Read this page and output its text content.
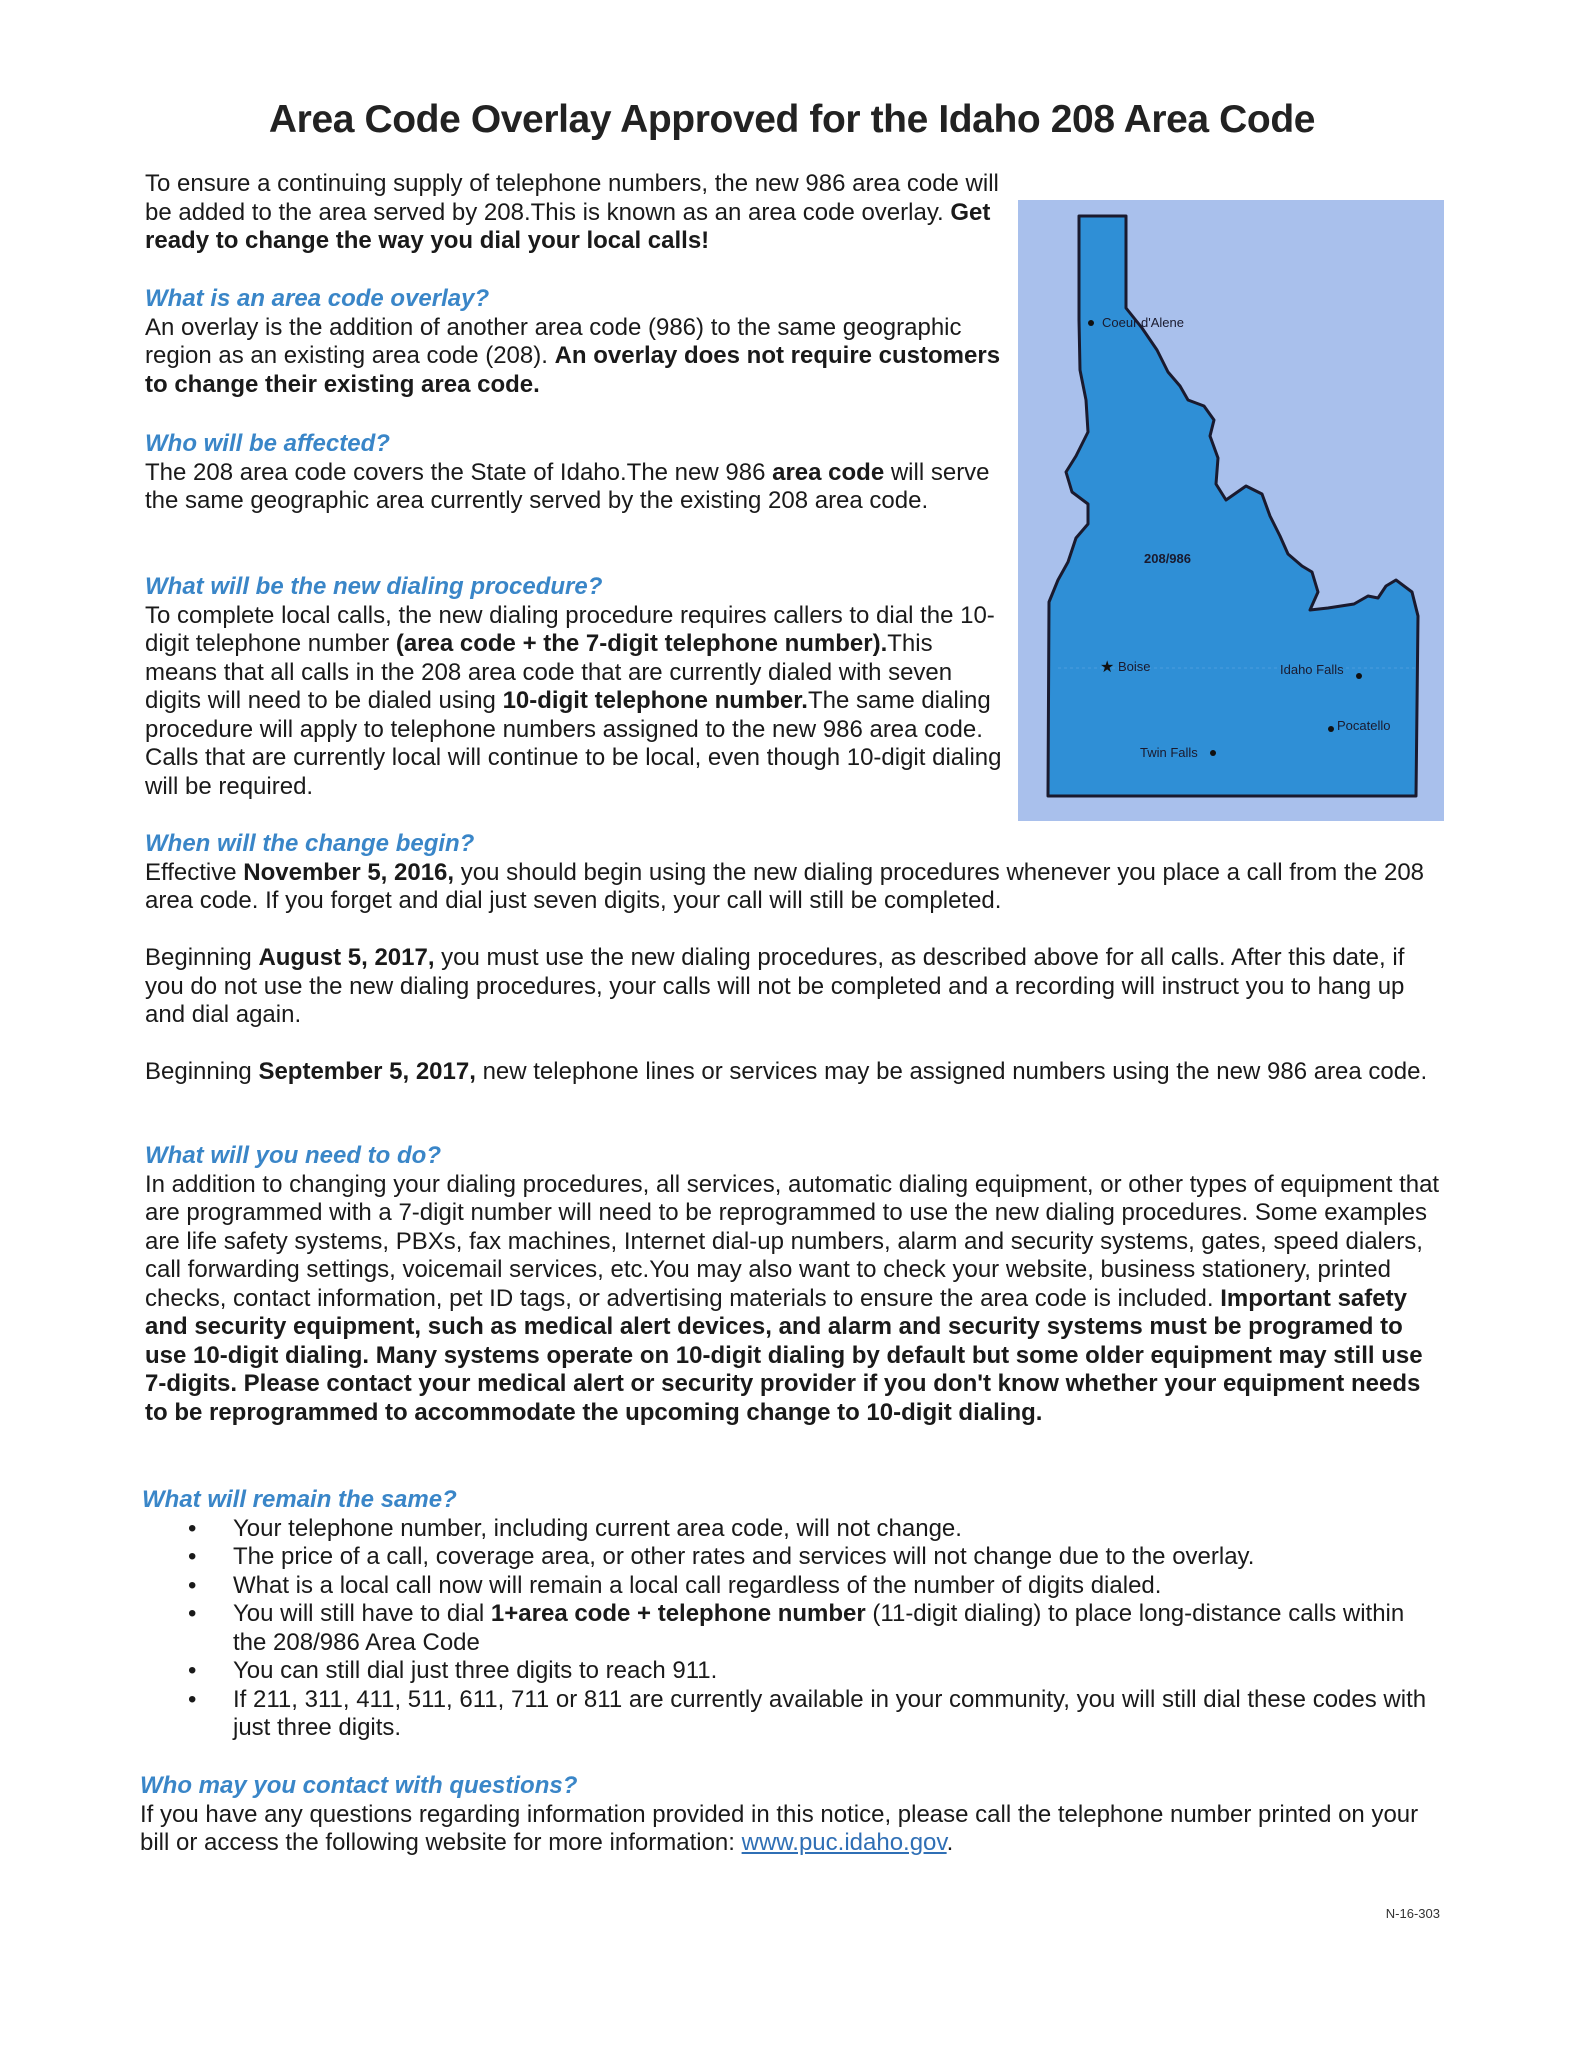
Area Code Overlay Approved for the Idaho 208 Area Code
To ensure a continuing supply of telephone numbers, the new 986 area code will be added to the area served by 208.This is known as an area code overlay. Get ready to change the way you dial your local calls!
What is an area code overlay?
An overlay is the addition of another area code (986) to the same geographic region as an existing area code (208). An overlay does not require customers to change their existing area code.
Who will be affected?
The 208 area code covers the State of Idaho.The new 986 area code will serve the same geographic area currently served by the existing 208 area code.
What will be the new dialing procedure?
To complete local calls, the new dialing procedure requires callers to dial the 10-digit telephone number (area code + the 7-digit telephone number).This means that all calls in the 208 area code that are currently dialed with seven digits will need to be dialed using 10-digit telephone number.The same dialing procedure will apply to telephone numbers assigned to the new 986 area code. Calls that are currently local will continue to be local, even though 10-digit dialing will be required.
Coeur d'Alene
208/986
★ Boise	Idaho Falls
Pocatello
Twin Falls
When will the change begin?
Effective November 5, 2016, you should begin using the new dialing procedures whenever you place a call from the 208 area code. If you forget and dial just seven digits, your call will still be completed.
Beginning August 5, 2017, you must use the new dialing procedures, as described above for all calls. After this date, if you do not use the new dialing procedures, your calls will not be completed and a recording will instruct you to hang up and dial again.
Beginning September 5, 2017, new telephone lines or services may be assigned numbers using the new 986 area code.
What will you need to do?
In addition to changing your dialing procedures, all services, automatic dialing equipment, or other types of equipment that are programmed with a 7-digit number will need to be reprogrammed to use the new dialing procedures. Some examples are life safety systems, PBXs, fax machines, Internet dial-up numbers, alarm and security systems, gates, speed dialers, call forwarding settings, voicemail services, etc.You may also want to check your website, business stationery, printed checks, contact information, pet ID tags, or advertising materials to ensure the area code is included. Important safety and security equipment, such as medical alert devices, and alarm and security systems must be programed to use 10-digit dialing. Many systems operate on 10-digit dialing by default but some older equipment may still use 7-digits. Please contact your medical alert or security provider if you don't know whether your equipment needs to be reprogrammed to accommodate the upcoming change to 10-digit dialing.
What will remain the same?
• Your telephone number, including current area code, will not change.
• The price of a call, coverage area, or other rates and services will not change due to the overlay.
• What is a local call now will remain a local call regardless of the number of digits dialed.
• You will still have to dial 1+area code + telephone number (11-digit dialing) to place long-distance calls within the 208/986 Area Code
• You can still dial just three digits to reach 911.
• If 211, 311, 411, 511, 611, 711 or 811 are currently available in your community, you will still dial these codes with just three digits.
Who may you contact with questions?
If you have any questions regarding information provided in this notice, please call the telephone number printed on your bill or access the following website for more information: www.puc.idaho.gov.
N-16-303
